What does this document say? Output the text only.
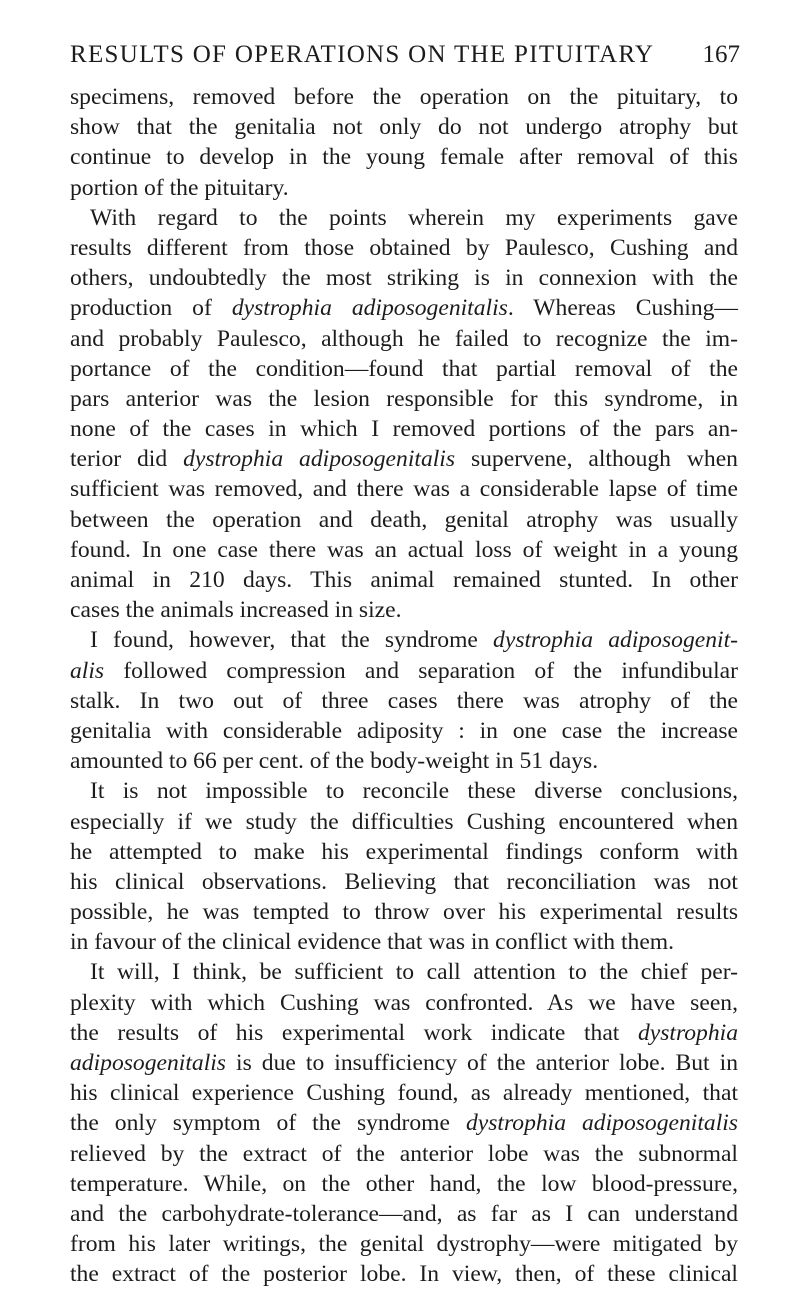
RESULTS OF OPERATIONS ON THE PITUITARY 167
specimens, removed before the operation on the pituitary, to
show that the genitalia not only do not undergo atrophy but
continue to develop in the young female after removal of this
portion of the pituitary.
With regard to the points wherein my experiments gave
results different from those obtained by Paulesco, Cushing and
others, undoubtedly the most striking is in connexion with the
production of dystrophia adiposogenitalis. Whereas Cushing—
and probably Paulesco, although he failed to recognize the im-
portance of the condition—found that partial removal of the
pars anterior was the lesion responsible for this syndrome, in
none of the cases in which I removed portions of the pars an-
terior did dystrophia adiposogenitalis supervene, although when
sufficient was removed, and there was a considerable lapse of time
between the operation and death, genital atrophy was usually
found. In one case there was an actual loss of weight in a young
animal in 210 days. This animal remained stunted. In other
cases the animals increased in size.
I found, however, that the syndrome dystrophia adiposogenit-
alis followed compression and separation of the infundibular
stalk. In two out of three cases there was atrophy of the
genitalia with considerable adiposity : in one case the increase
amounted to 66 per cent. of the body-weight in 51 days.
It is not impossible to reconcile these diverse conclusions,
especially if we study the difficulties Cushing encountered when
he attempted to make his experimental findings conform with
his clinical observations. Believing that reconciliation was not
possible, he was tempted to throw over his experimental results
in favour of the clinical evidence that was in conflict with them.
It will, I think, be sufficient to call attention to the chief per-
plexity with which Cushing was confronted. As we have seen,
the results of his experimental work indicate that dystrophia
adiposogenitalis is due to insufficiency of the anterior lobe. But in
his clinical experience Cushing found, as already mentioned, that
the only symptom of the syndrome dystrophia adiposogenitalis
relieved by the extract of the anterior lobe was the subnormal
temperature. While, on the other hand, the low blood-pressure,
and the carbohydrate-tolerance—and, as far as I can understand
from his later writings, the genital dystrophy—were mitigated by
the extract of the posterior lobe. In view, then, of these clinical
